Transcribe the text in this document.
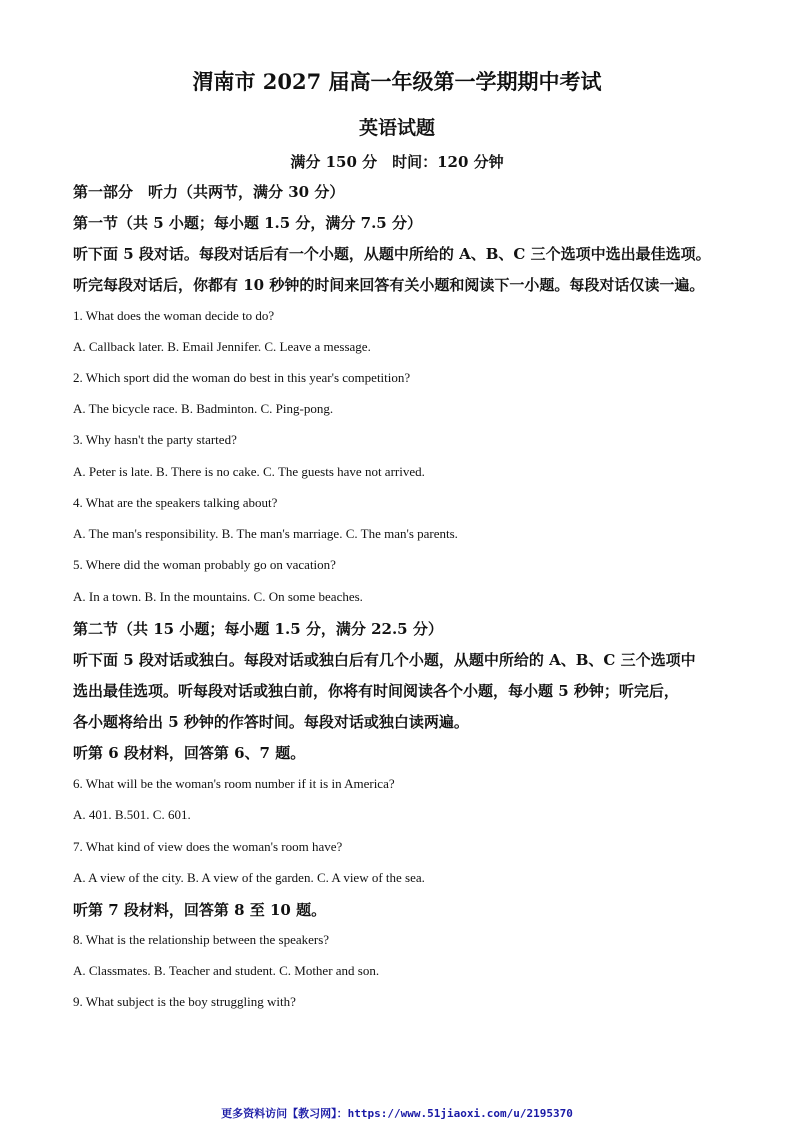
渭南市 2027 届高一年级第一学期期中考试
英语试题
满分 150 分　时间：120 分钟
第一部分　听力（共两节，满分 30 分）
第一节（共 5 小题；每小题 1.5 分，满分 7.5 分）
听下面 5 段对话。每段对话后有一个小题，从题中所给的 A、B、C 三个选项中选出最佳选项。
听完每段对话后，你都有 10 秒钟的时间来回答有关小题和阅读下一小题。每段对话仅读一遍。
1. What does the woman decide to do?
A. Callback later. B. Email Jennifer. C. Leave a message.
2. Which sport did the woman do best in this year's competition?
A. The bicycle race. B. Badminton. C. Ping-pong.
3. Why hasn't the party started?
A. Peter is late. B. There is no cake. C. The guests have not arrived.
4. What are the speakers talking about?
A. The man's responsibility. B. The man's marriage. C. The man's parents.
5. Where did the woman probably go on vacation?
A. In a town. B. In the mountains. C. On some beaches.
第二节（共 15 小题；每小题 1.5 分，满分 22.5 分）
听下面 5 段对话或独白。每段对话或独白后有几个小题，从题中所给的 A、B、C 三个选项中
选出最佳选项。听每段对话或独白前，你将有时间阅读各个小题，每小题 5 秒钟；听完后，
各小题将给出 5 秒钟的作答时间。每段对话或独白读两遍。
听第 6 段材料，回答第 6、7 题。
6. What will be the woman's room number if it is in America?
A. 401. B.501. C. 601.
7. What kind of view does the woman's room have?
A. A view of the city. B. A view of the garden. C. A view of the sea.
听第 7 段材料，回答第 8 至 10 题。
8. What is the relationship between the speakers?
A. Classmates. B. Teacher and student. C. Mother and son.
9. What subject is the boy struggling with?
更多资料访问【教习网】：https://www.51jiaoxi.com/u/2195370
